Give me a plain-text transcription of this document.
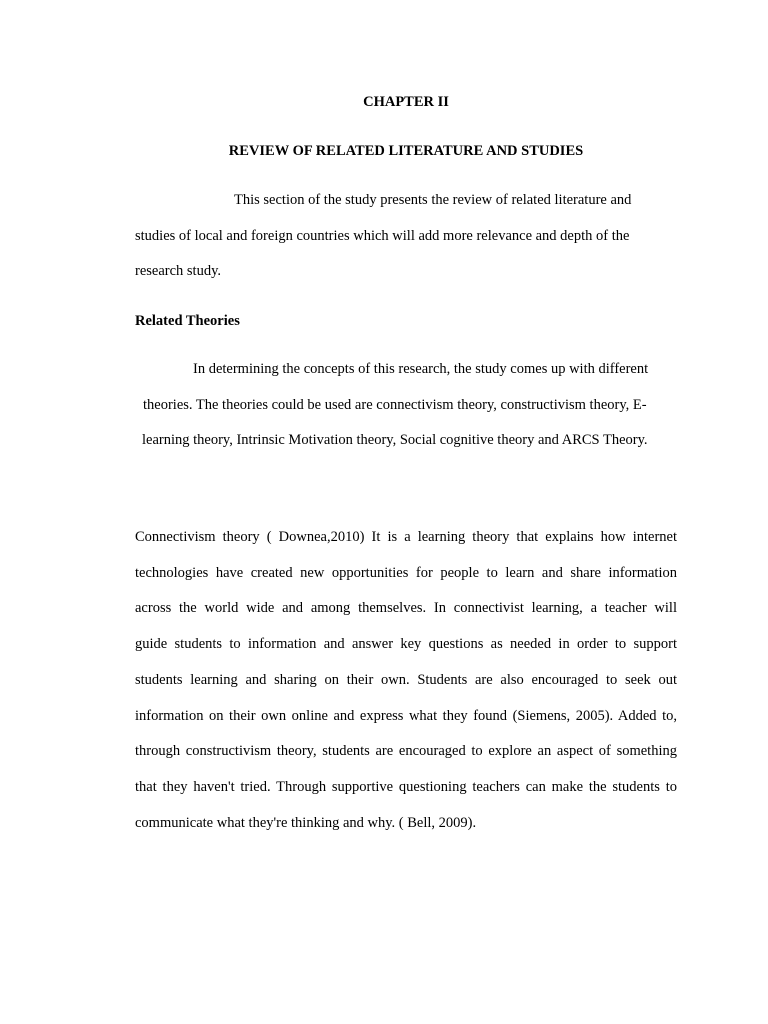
CHAPTER II
REVIEW OF RELATED LITERATURE AND STUDIES
This section of the study presents the review of related literature and
studies of local and foreign countries which will add more relevance and depth of the
research study.
Related Theories
In determining the concepts of this research, the study comes up with different
theories. The theories could be used are connectivism theory, constructivism theory, E-
learning theory, Intrinsic Motivation theory, Social cognitive theory and ARCS Theory.
Connectivism theory ( Downea,2010) It is a learning theory that explains how internet
technologies have created new opportunities for people to learn and share information
across the world wide and among themselves. In connectivist learning, a teacher will
guide students to information and answer key questions as needed in order to support
students learning and sharing on their own. Students are also encouraged to seek out
information on their own online and express what they found (Siemens, 2005). Added to,
through constructivism theory, students are encouraged to explore an aspect of something
that they haven't tried. Through supportive questioning teachers can make the students to
communicate what they're thinking and why. ( Bell, 2009).
